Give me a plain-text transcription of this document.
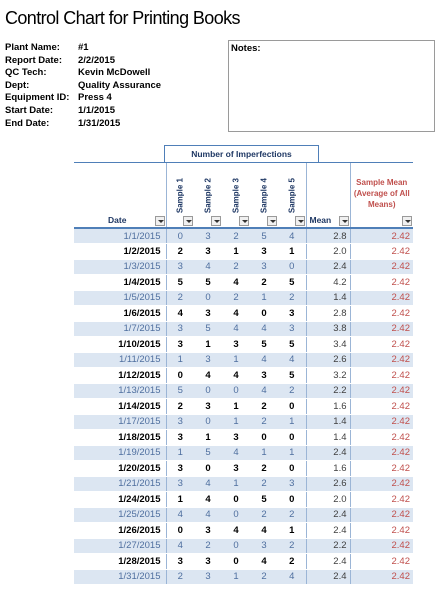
Control Chart for Printing Books
Plant Name:	#1
Report Date:	2/2/2015
QC Tech:	Kevin McDowell
Dept:	Quality Assurance
Equipment ID: Press 4
Start Date:	1/1/2015
End Date:	1/31/2015
Notes:
Number of Imperfections
Date	Sample 1	Sample 2	Sample 3	Sample 4	Sample 5	Mean	Sample Mean (Average of All Means)

1/1/2015	0	3	2	5	4	2.8	2.42
1/2/2015	2	3	1	3	1	2.0	2.42
1/3/2015	3	4	2	3	0	2.4	2.42
1/4/2015	5	5	4	2	5	4.2	2.42
1/5/2015	2	0	2	1	2	1.4	2.42
1/6/2015	4	3	4	0	3	2.8	2.42
1/7/2015	3	5	4	4	3	3.8	2.42
1/10/2015	3	1	3	5	5	3.4	2.42
1/11/2015	1	3	1	4	4	2.6	2.42
1/12/2015	0	4	4	3	5	3.2	2.42
1/13/2015	5	0	0	4	2	2.2	2.42
1/14/2015	2	3	1	2	0	1.6	2.42
1/17/2015	3	0	1	2	1	1.4	2.42
1/18/2015	3	1	3	0	0	1.4	2.42
1/19/2015	1	5	4	1	1	2.4	2.42
1/20/2015	3	0	3	2	0	1.6	2.42
1/21/2015	3	4	1	2	3	2.6	2.42
1/24/2015	1	4	0	5	0	2.0	2.42
1/25/2015	4	4	0	2	2	2.4	2.42
1/26/2015	0	3	4	4	1	2.4	2.42
1/27/2015	4	2	0	3	2	2.2	2.42
1/28/2015	3	3	0	4	2	2.4	2.42
1/31/2015	2	3	1	2	4	2.4	2.42
